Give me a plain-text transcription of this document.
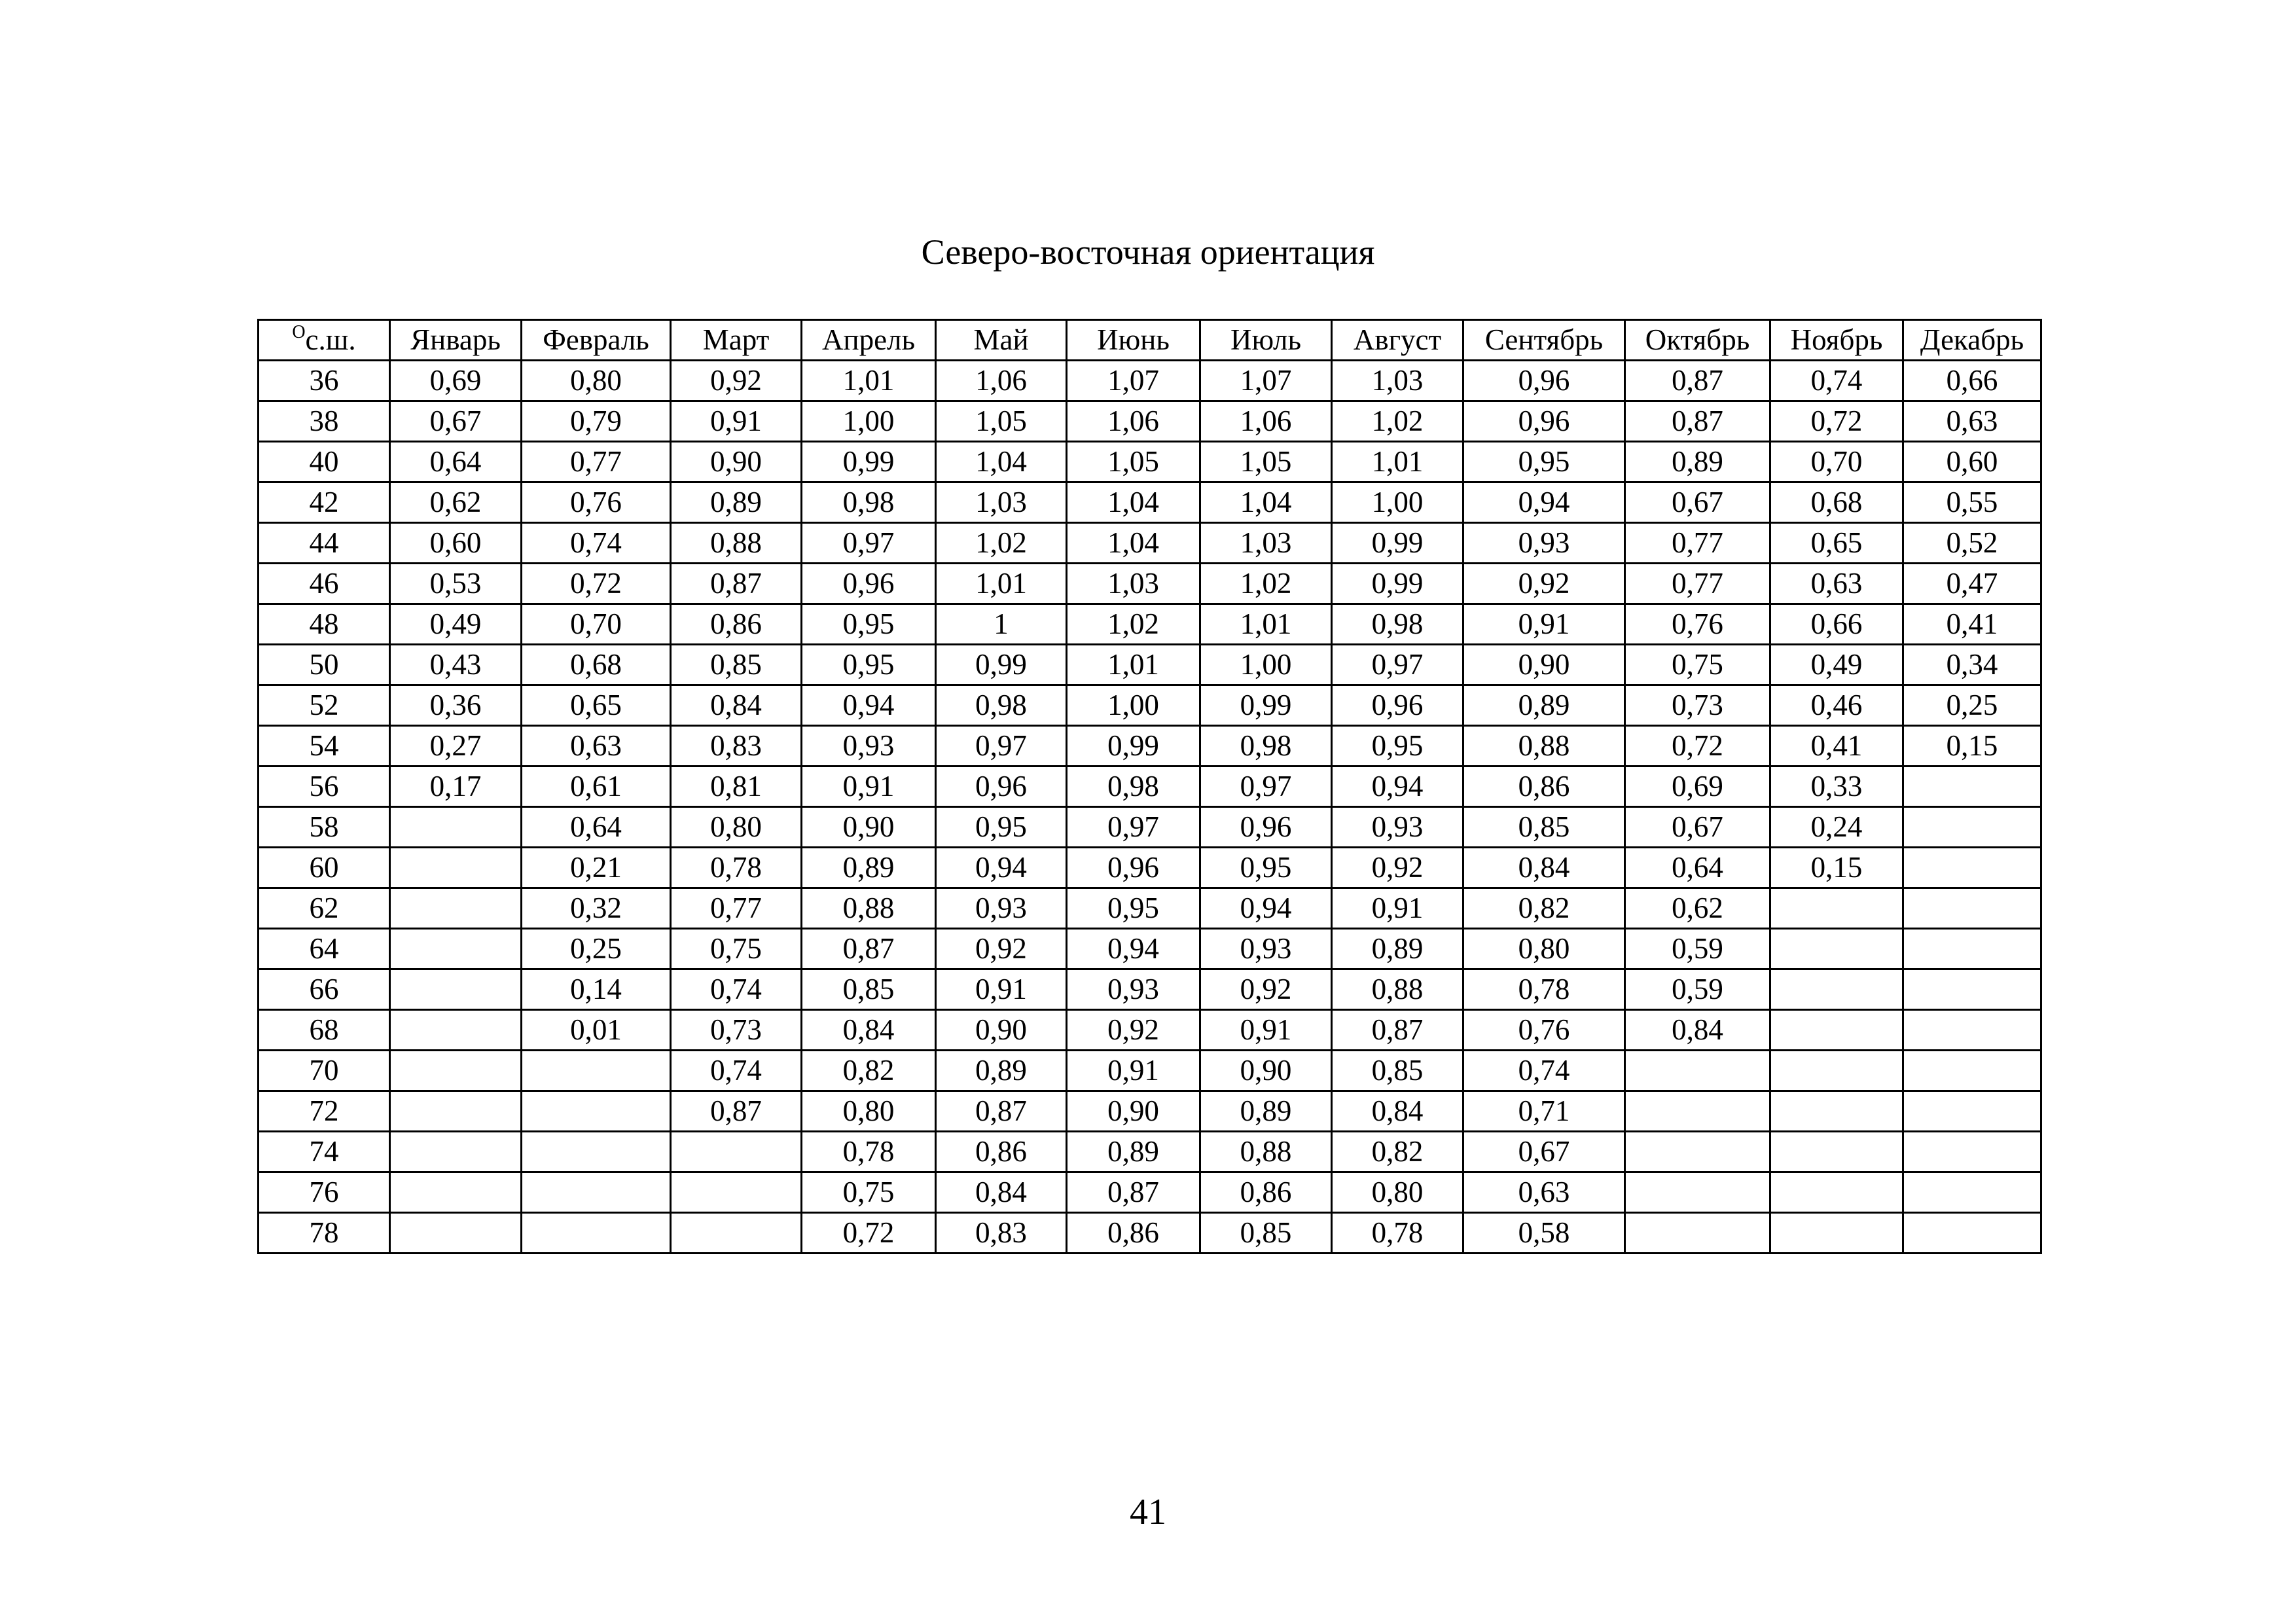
Северо-восточная ориентация
$^О$с.ш.	Январь	Февраль	Март	Апрель	Май	Июнь	Июль	Август	Сентябрь	Октябрь	Ноябрь	Декабрь
36	0,69	0,80	0,92	1,01	1,06	1,07	1,07	1,03	0,96	0,87	0,74	0,66
38	0,67	0,79	0,91	1,00	1,05	1,06	1,06	1,02	0,96	0,87	0,72	0,63
40	0,64	0,77	0,90	0,99	1,04	1,05	1,05	1,01	0,95	0,89	0,70	0,60
42	0,62	0,76	0,89	0,98	1,03	1,04	1,04	1,00	0,94	0,67	0,68	0,55
44	0,60	0,74	0,88	0,97	1,02	1,04	1,03	0,99	0,93	0,77	0,65	0,52
46	0,53	0,72	0,87	0,96	1,01	1,03	1,02	0,99	0,92	0,77	0,63	0,47
48	0,49	0,70	0,86	0,95	1	1,02	1,01	0,98	0,91	0,76	0,66	0,41
50	0,43	0,68	0,85	0,95	0,99	1,01	1,00	0,97	0,90	0,75	0,49	0,34
52	0,36	0,65	0,84	0,94	0,98	1,00	0,99	0,96	0,89	0,73	0,46	0,25
54	0,27	0,63	0,83	0,93	0,97	0,99	0,98	0,95	0,88	0,72	0,41	0,15
56	0,17	0,61	0,81	0,91	0,96	0,98	0,97	0,94	0,86	0,69	0,33	
58		0,64	0,80	0,90	0,95	0,97	0,96	0,93	0,85	0,67	0,24	
60		0,21	0,78	0,89	0,94	0,96	0,95	0,92	0,84	0,64	0,15	
62		0,32	0,77	0,88	0,93	0,95	0,94	0,91	0,82	0,62		
64		0,25	0,75	0,87	0,92	0,94	0,93	0,89	0,80	0,59		
66		0,14	0,74	0,85	0,91	0,93	0,92	0,88	0,78	0,59		
68		0,01	0,73	0,84	0,90	0,92	0,91	0,87	0,76	0,84		
70			0,74	0,82	0,89	0,91	0,90	0,85	0,74			
72			0,87	0,80	0,87	0,90	0,89	0,84	0,71			
74				0,78	0,86	0,89	0,88	0,82	0,67			
76				0,75	0,84	0,87	0,86	0,80	0,63			
78				0,72	0,83	0,86	0,85	0,78	0,58			
41
